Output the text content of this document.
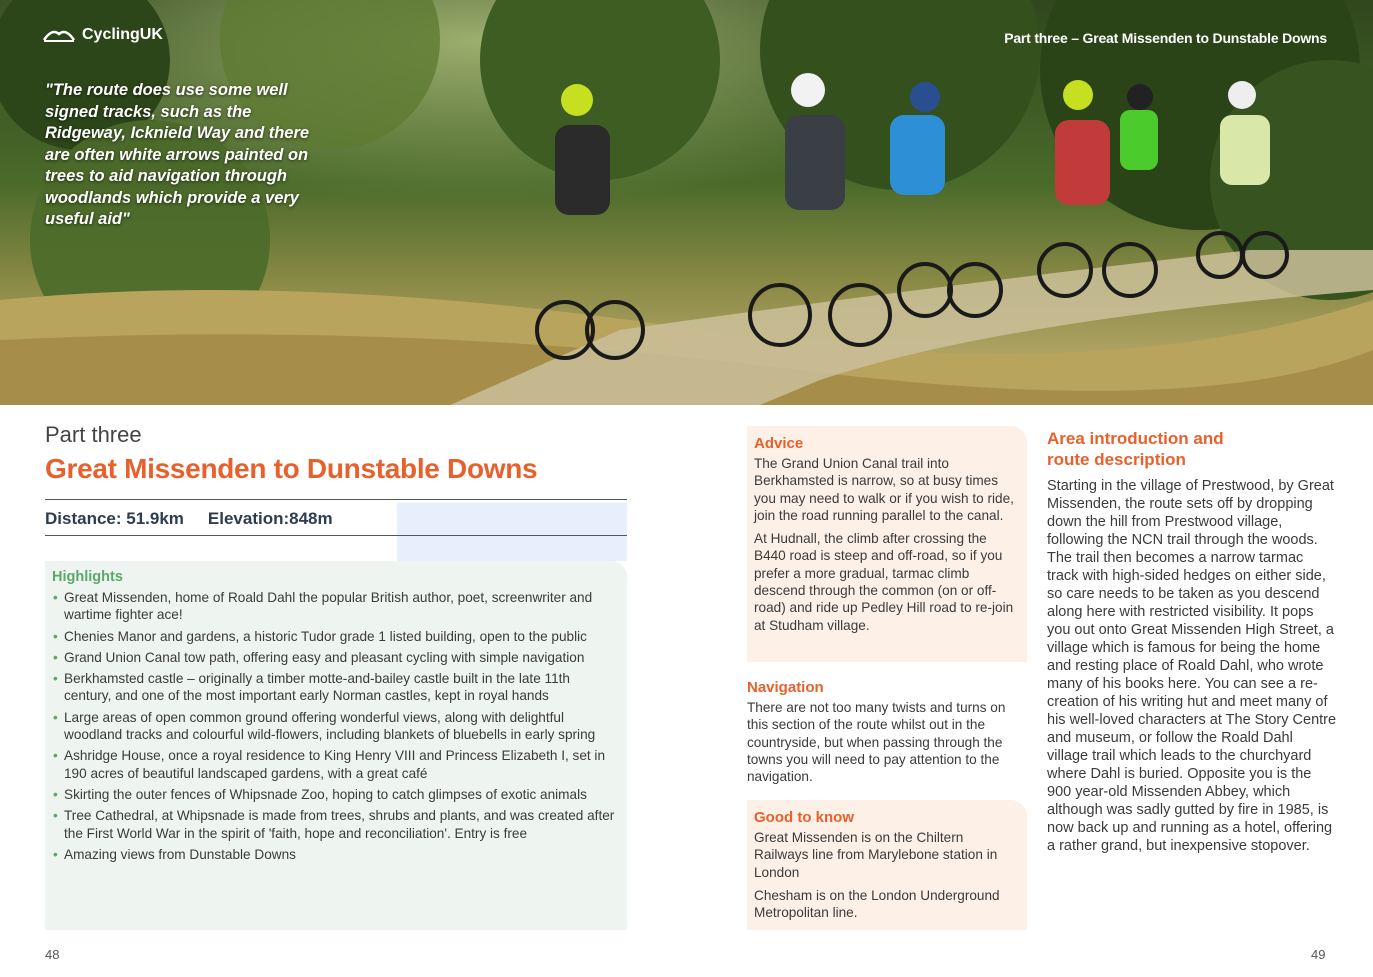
CyclingUK	Part three – Great Missenden to Dunstable Downs
"The route does use some well signed tracks, such as the Ridgeway, Icknield Way and there are often white arrows painted on trees to aid navigation through woodlands which provide a very useful aid"
Part three
Great Missenden to Dunstable Downs
Distance: 51.9km Elevation:848m
Highlights
• Great Missenden, home of Roald Dahl the popular British author, poet, screenwriter and wartime fighter ace!
• Chenies Manor and gardens, a historic Tudor grade 1 listed building, open to the public
• Grand Union Canal tow path, offering easy and pleasant cycling with simple navigation
• Berkhamsted castle – originally a timber motte-and-bailey castle built in the late 11th century, and one of the most important early Norman castles, kept in royal hands
• Large areas of open common ground offering wonderful views, along with delightful woodland tracks and colourful wild-flowers, including blankets of bluebells in early spring
• Ashridge House, once a royal residence to King Henry VIII and Princess Elizabeth I, set in 190 acres of beautiful landscaped gardens, with a great café
• Skirting the outer fences of Whipsnade Zoo, hoping to catch glimpses of exotic animals
• Tree Cathedral, at Whipsnade is made from trees, shrubs and plants, and was created after the First World War in the spirit of 'faith, hope and reconciliation'. Entry is free
• Amazing views from Dunstable Downs
48
Advice

The Grand Union Canal trail into Berkhamsted is narrow, so at busy times you may need to walk or if you wish to ride, join the road running parallel to the canal.

At Hudnall, the climb after crossing the B440 road is steep and off-road, so if you prefer a more gradual, tarmac climb descend through the common (on or off-road) and ride up Pedley Hill road to re-join at Studham village.

Navigation

There are not too many twists and turns on this section of the route whilst out in the countryside, but when passing through the towns you will need to pay attention to the navigation.

Good to know

Great Missenden is on the Chiltern Railways line from Marylebone station in London

Chesham is on the London Underground Metropolitan line.

Area introduction and
route description

Starting in the village of Prestwood, by Great Missenden, the route sets off by dropping down the hill from Prestwood village, following the NCN trail through the woods. The trail then becomes a narrow tarmac track with high-sided hedges on either side, so care needs to be taken as you descend along here with restricted visibility. It pops you out onto Great Missenden High Street, a village which is famous for being the home and resting place of Roald Dahl, who wrote many of his books here. You can see a re-creation of his writing hut and meet many of his well-loved characters at The Story Centre and museum, or follow the Roald Dahl village trail which leads to the churchyard where Dahl is buried. Opposite you is the 900 year-old Missenden Abbey, which although was sadly gutted by fire in 1985, is now back up and running as a hotel, offering a rather grand, but inexpensive stopover.

49
